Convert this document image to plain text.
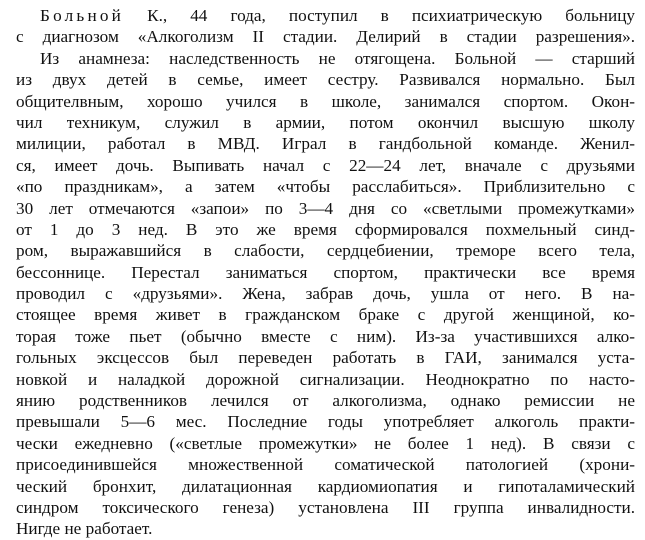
Больной К., 44 года, поступил в психиатрическую больницу
с диагнозом «Алкоголизм II стадии. Делирий в стадии разрешения».
Из анамнеза: наследственность не отягощена. Больной — старший
из двух детей в семье, имеет сестру. Развивался нормально. Был
общителвным, хорошо учился в школе, занимался спортом. Окон-
чил техникум, служил в армии, потом окончил высшую школу
милиции, работал в МВД. Играл в гандбольной команде. Женил-
ся, имеет дочь. Выпивать начал с 22—24 лет, вначале с друзьями
«по праздникам», а затем «чтобы расслабиться». Приблизительно с
30 лет отмечаются «запои» по 3—4 дня со «светлыми промежутками»
от 1 до 3 нед. В это же время сформировался похмельный синд-
ром, выражавшийся в слабости, сердцебиении, треморе всего тела,
бессоннице. Перестал заниматься спортом, практически все время
проводил с «друзьями». Жена, забрав дочь, ушла от него. В на-
стоящее время живет в гражданском браке с другой женщиной, ко-
торая тоже пьет (обычно вместе с ним). Из-за участившихся алко-
гольных эксцессов был переведен работать в ГАИ, занимался уста-
новкой и наладкой дорожной сигнализации. Неоднократно по насто-
янию родственников лечился от алкоголизма, однако ремиссии не
превышали 5—6 мес. Последние годы употребляет алкоголь практи-
чески ежедневно («светлые промежутки» не более 1 нед). В связи с
присоединившейся множественной соматической патологией (хрони-
ческий бронхит, дилатационная кардиомиопатия и гипоталамический
синдром токсического генеза) установлена III группа инвалидности.
Нигде не работает.
